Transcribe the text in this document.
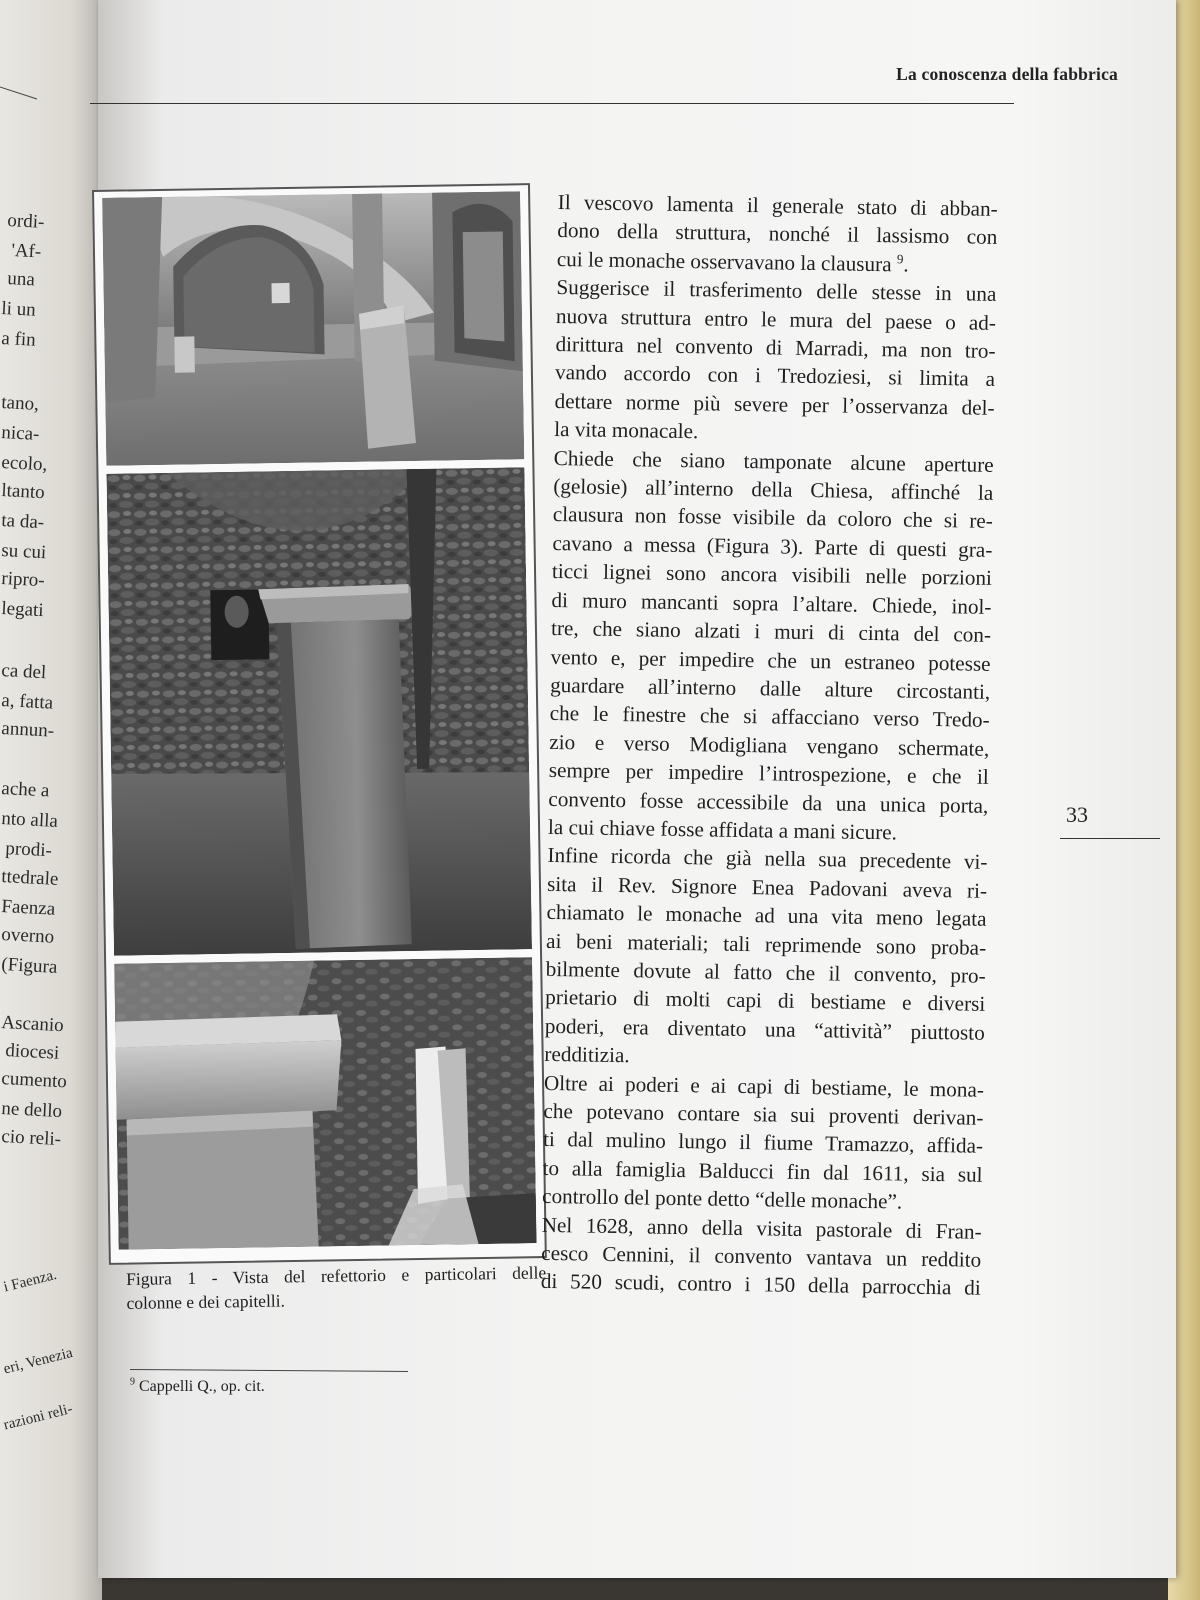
ordi-
'Af-
una
li un
a fin
tano,
nica-
ecolo,
ltanto
ta da-
su cui
ripro-
legati
ca del
a, fatta
annun-
ache a
nto alla
prodi-
ttedrale
Faenza
overno
(Figura
Ascanio
diocesi
cumento
ne dello
cio reli-
i Faenza.
eri, Venezia
razioni reli-
La conoscenza della fabbrica
Figura 1 - Vista del refettorio e particolari delle
colonne e dei capitelli.
Il vescovo lamenta il generale stato di abban-
dono della struttura, nonché il lassismo con
cui le monache osservavano la clausura $^9$.
Suggerisce il trasferimento delle stesse in una
nuova struttura entro le mura del paese o ad-
dirittura nel convento di Marradi, ma non tro-
vando accordo con i Tredoziesi, si limita a
dettare norme più severe per l’osservanza del-
la vita monacale.
Chiede che siano tamponate alcune aperture
(gelosie) all’interno della Chiesa, affinché la
clausura non fosse visibile da coloro che si re-
cavano a messa (Figura 3). Parte di questi gra-
ticci lignei sono ancora visibili nelle porzioni
di muro mancanti sopra l’altare. Chiede, inol-
tre, che siano alzati i muri di cinta del con-
vento e, per impedire che un estraneo potesse
guardare all’interno dalle alture circostanti,
che le finestre che si affacciano verso Tredo-
zio e verso Modigliana vengano schermate,
sempre per impedire l’introspezione, e che il
convento fosse accessibile da una unica porta,
la cui chiave fosse affidata a mani sicure.
Infine ricorda che già nella sua precedente vi-
sita il Rev. Signore Enea Padovani aveva ri-
chiamato le monache ad una vita meno legata
ai beni materiali; tali reprimende sono proba-
bilmente dovute al fatto che il convento, pro-
prietario di molti capi di bestiame e diversi
poderi, era diventato una “attività” piuttosto
redditizia.
Oltre ai poderi e ai capi di bestiame, le mona-
che potevano contare sia sui proventi derivan-
ti dal mulino lungo il fiume Tramazzo, affida-
to alla famiglia Balducci fin dal 1611, sia sul
controllo del ponte detto “delle monache”.
Nel 1628, anno della visita pastorale di Fran-
cesco Cennini, il convento vantava un reddito
di 520 scudi, contro i 150 della parrocchia di
33
$^9$ Cappelli Q., op. cit.
